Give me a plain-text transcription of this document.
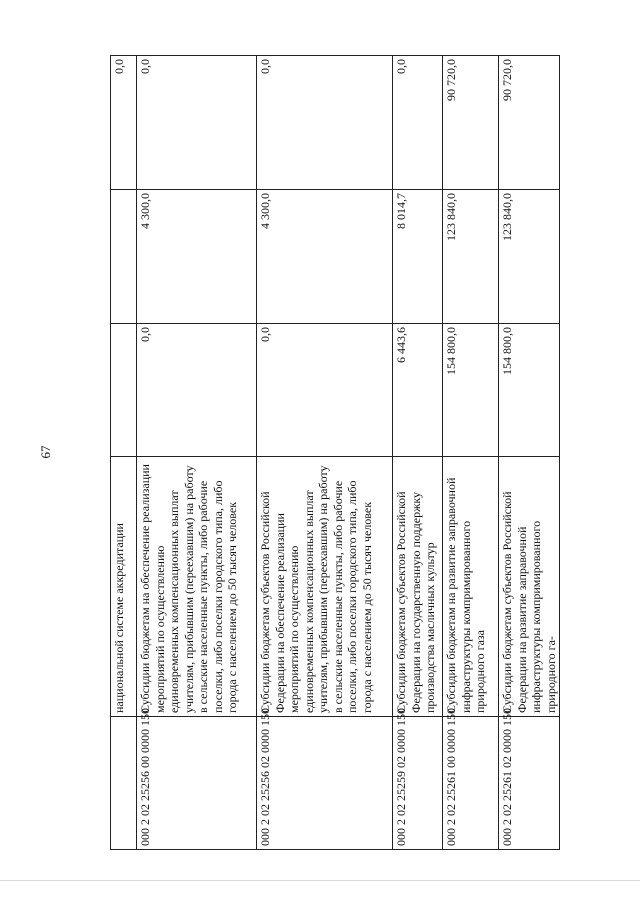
67
	национальной системе аккредитации			0,0
000 2 02 25256 00 0000 150	Субсидии бюджетам на обеспечение реализации мероприятий по осуществлению единовременных компенсационных выплат учителям, прибывшим (переехавшим) на работу в сельские населенные пункты, либо рабочие поселки, либо поселки городского типа, либо города с населением до 50 тысяч человек	0,0	4 300,0	0,0
000 2 02 25256 02 0000 150	Субсидии бюджетам субъектов Российской Федерации на обеспечение реализации мероприятий по осуществлению единовременных компенсационных выплат учителям, прибывшим (переехавшим) на работу в сельские населенные пункты, либо рабочие поселки, либо поселки городского типа, либо города с населением до 50 тысяч человек	0,0	4 300,0	0,0
000 2 02 25259 02 0000 150	Субсидии бюджетам субъектов Российской Федерации на государственную поддержку производства масличных культур	6 443,6	8 014,7	0,0
000 2 02 25261 00 0000 150	Субсидии бюджетам на развитие заправочной инфраструктуры компримированного природного газа	154 800,0	123 840,0	90 720,0
000 2 02 25261 02 0000 150	Субсидии бюджетам субъектов Российской Федерации на развитие заправочной инфраструктуры компримированного природного га-	154 800,0	123 840,0	90 720,0
